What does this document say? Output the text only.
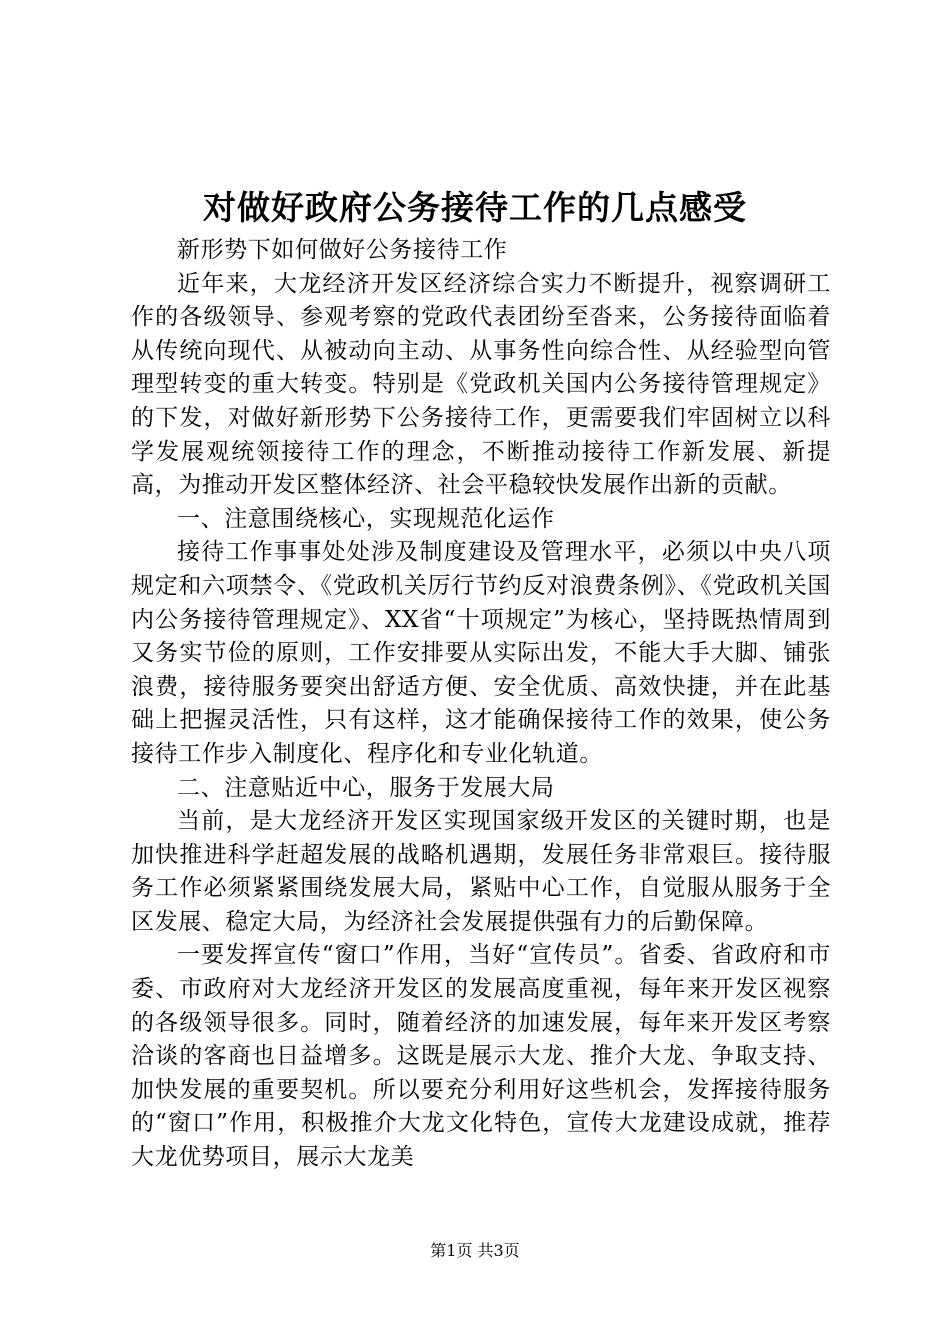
对做好政府公务接待工作的几点感受

新形势下如何做好公务接待工作

近年来，大龙经济开发区经济综合实力不断提升，视察调研工作的各级领导、参观考察的党政代表团纷至沓来，公务接待面临着从传统向现代、从被动向主动、从事务性向综合性、从经验型向管理型转变的重大转变。特别是《党政机关国内公务接待管理规定》的下发，对做好新形势下公务接待工作，更需要我们牢固树立以科学发展观统领接待工作的理念，不断推动接待工作新发展、新提高，为推动开发区整体经济、社会平稳较快发展作出新的贡献。

一、注意围绕核心，实现规范化运作

接待工作事事处处涉及制度建设及管理水平，必须以中央八项规定和六项禁令、《党政机关厉行节约反对浪费条例》、《党政机关国内公务接待管理规定》、XX省“十项规定”为核心，坚持既热情周到又务实节俭的原则，工作安排要从实际出发，不能大手大脚、铺张浪费，接待服务要突出舒适方便、安全优质、高效快捷，并在此基础上把握灵活性，只有这样，这才能确保接待工作的效果，使公务接待工作步入制度化、程序化和专业化轨道。

二、注意贴近中心，服务于发展大局

当前，是大龙经济开发区实现国家级开发区的关键时期，也是加快推进科学赶超发展的战略机遇期，发展任务非常艰巨。接待服务工作必须紧紧围绕发展大局，紧贴中心工作，自觉服从服务于全区发展、稳定大局，为经济社会发展提供强有力的后勤保障。

一要发挥宣传“窗口”作用，当好“宣传员”。省委、省政府和市委、市政府对大龙经济开发区的发展高度重视，每年来开发区视察的各级领导很多。同时，随着经济的加速发展，每年来开发区考察洽谈的客商也日益增多。这既是展示大龙、推介大龙、争取支持、加快发展的重要契机。所以要充分利用好这些机会，发挥接待服务的“窗口”作用，积极推介大龙文化特色，宣传大龙建设成就，推荐大龙优势项目，展示大龙美

第1页 共3页
